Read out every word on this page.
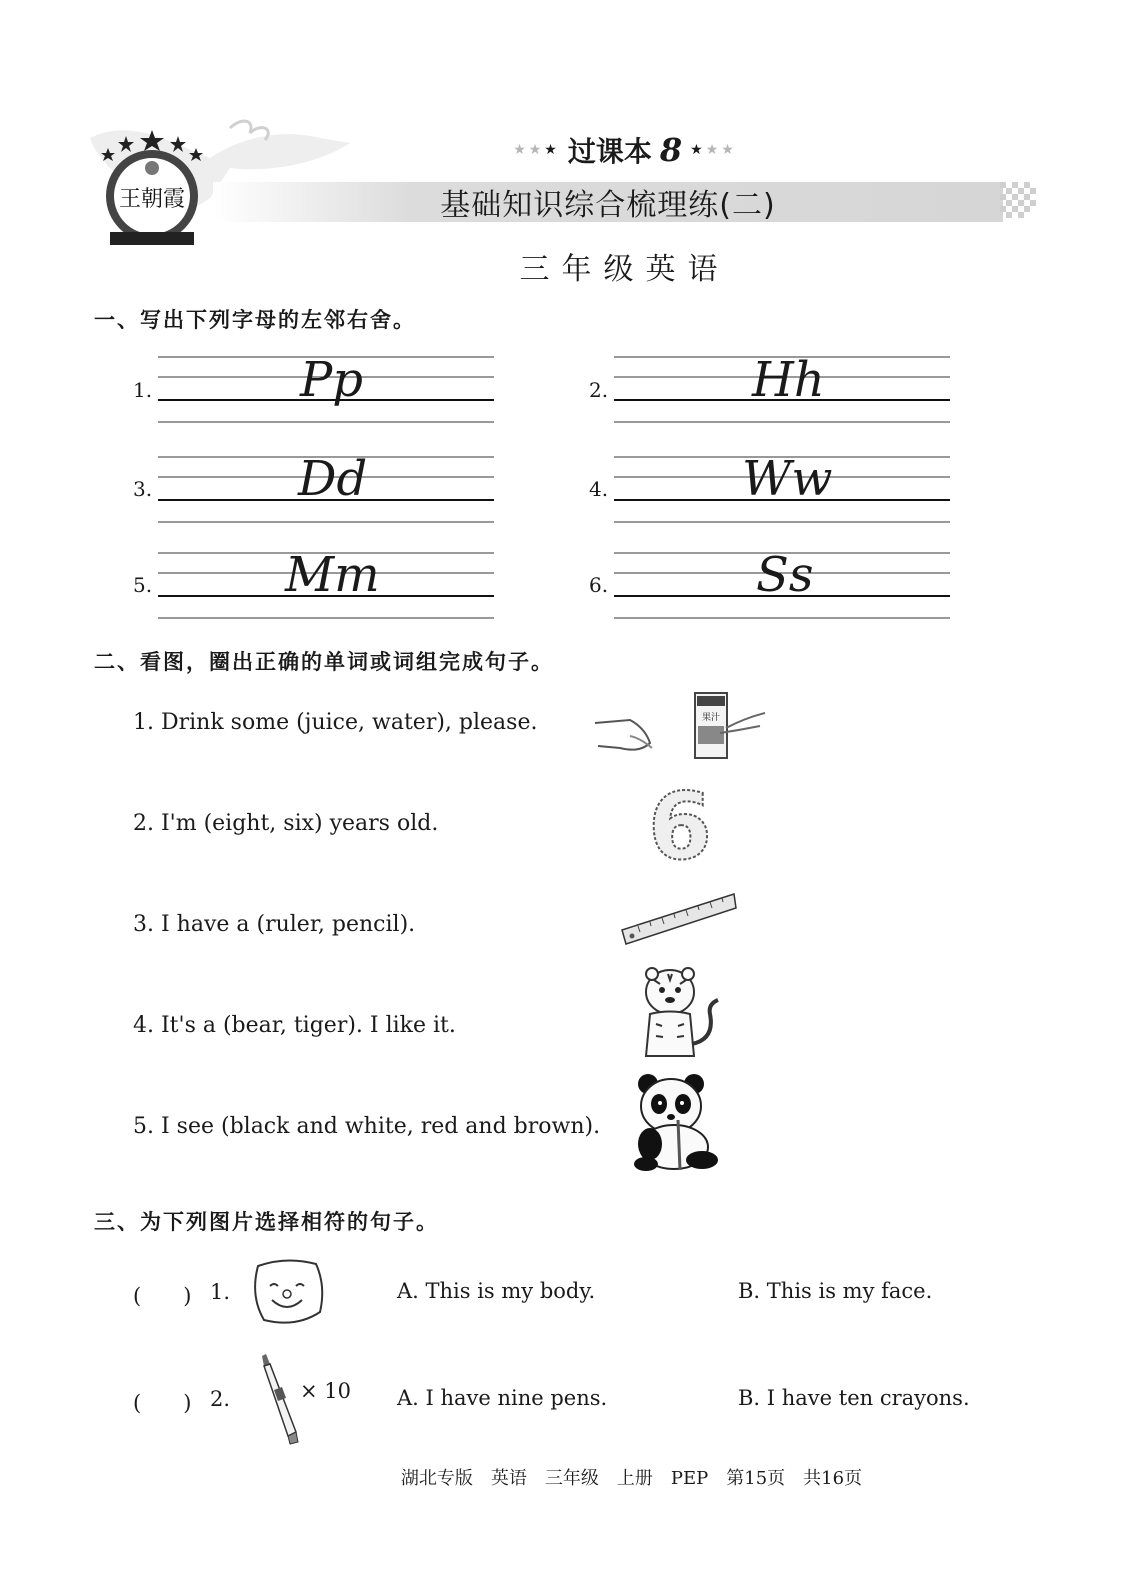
王朝霞
★★★ 过课本 8 ★★★
基础知识综合梳理练(二)
三年级英语
一、写出下列字母的左邻右舍。
1.	Pp	2.	Hh
3.	Dd	4.	Ww
5.	Mm	6.	Ss
二、看图，圈出正确的单词或词组完成句子。
1. Drink some (juice, water), please.	果汁
2. I'm (eight, six) years old. 6
3. I have a (ruler, pencil).
4. It's a (bear, tiger). I like it.
5. I see (black and white, red and brown).
三、为下列图片选择相符的句子。
(　　) 1.	A. This is my body.	B. This is my face.
(　　) 2.	× 10 A. I have nine pens.	B. I have ten crayons.
湖北专版　英语　三年级　上册　PEP　第15页　共16页
